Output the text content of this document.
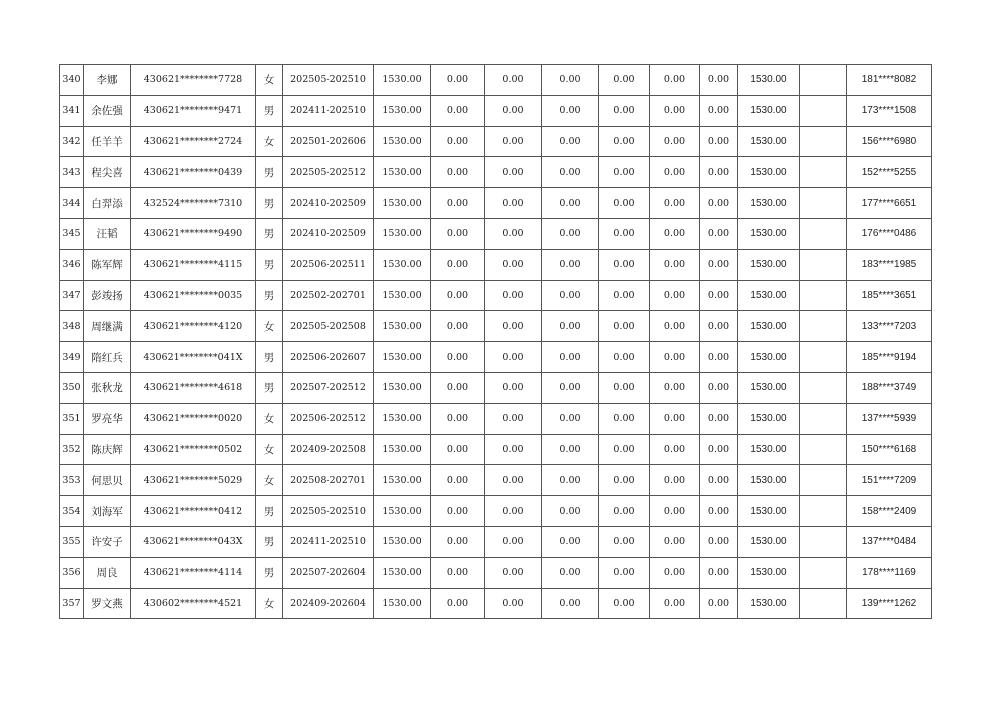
340	李娜	430621********7728	女	202505-202510	1530.00	0.00	0.00	0.00	0.00	0.00	0.00	1530.00		181****8082
341	余佐强	430621********9471	男	202411-202510	1530.00	0.00	0.00	0.00	0.00	0.00	0.00	1530.00		173****1508
342	任羊羊	430621********2724	女	202501-202606	1530.00	0.00	0.00	0.00	0.00	0.00	0.00	1530.00		156****6980
343	程尖喜	430621********0439	男	202505-202512	1530.00	0.00	0.00	0.00	0.00	0.00	0.00	1530.00		152****5255
344	白羿添	432524********7310	男	202410-202509	1530.00	0.00	0.00	0.00	0.00	0.00	0.00	1530.00		177****6651
345	汪韬	430621********9490	男	202410-202509	1530.00	0.00	0.00	0.00	0.00	0.00	0.00	1530.00		176****0486
346	陈军辉	430621********4115	男	202506-202511	1530.00	0.00	0.00	0.00	0.00	0.00	0.00	1530.00		183****1985
347	彭竣扬	430621********0035	男	202502-202701	1530.00	0.00	0.00	0.00	0.00	0.00	0.00	1530.00		185****3651
348	周继满	430621********4120	女	202505-202508	1530.00	0.00	0.00	0.00	0.00	0.00	0.00	1530.00		133****7203
349	隋红兵	430621********041X	男	202506-202607	1530.00	0.00	0.00	0.00	0.00	0.00	0.00	1530.00		185****9194
350	张秋龙	430621********4618	男	202507-202512	1530.00	0.00	0.00	0.00	0.00	0.00	0.00	1530.00		188****3749
351	罗亮华	430621********0020	女	202506-202512	1530.00	0.00	0.00	0.00	0.00	0.00	0.00	1530.00		137****5939
352	陈庆辉	430621********0502	女	202409-202508	1530.00	0.00	0.00	0.00	0.00	0.00	0.00	1530.00		150****6168
353	何思贝	430621********5029	女	202508-202701	1530.00	0.00	0.00	0.00	0.00	0.00	0.00	1530.00		151****7209
354	刘海军	430621********0412	男	202505-202510	1530.00	0.00	0.00	0.00	0.00	0.00	0.00	1530.00		158****2409
355	许安子	430621********043X	男	202411-202510	1530.00	0.00	0.00	0.00	0.00	0.00	0.00	1530.00		137****0484
356	周良	430621********4114	男	202507-202604	1530.00	0.00	0.00	0.00	0.00	0.00	0.00	1530.00		178****1169
357	罗文燕	430602********4521	女	202409-202604	1530.00	0.00	0.00	0.00	0.00	0.00	0.00	1530.00		139****1262
